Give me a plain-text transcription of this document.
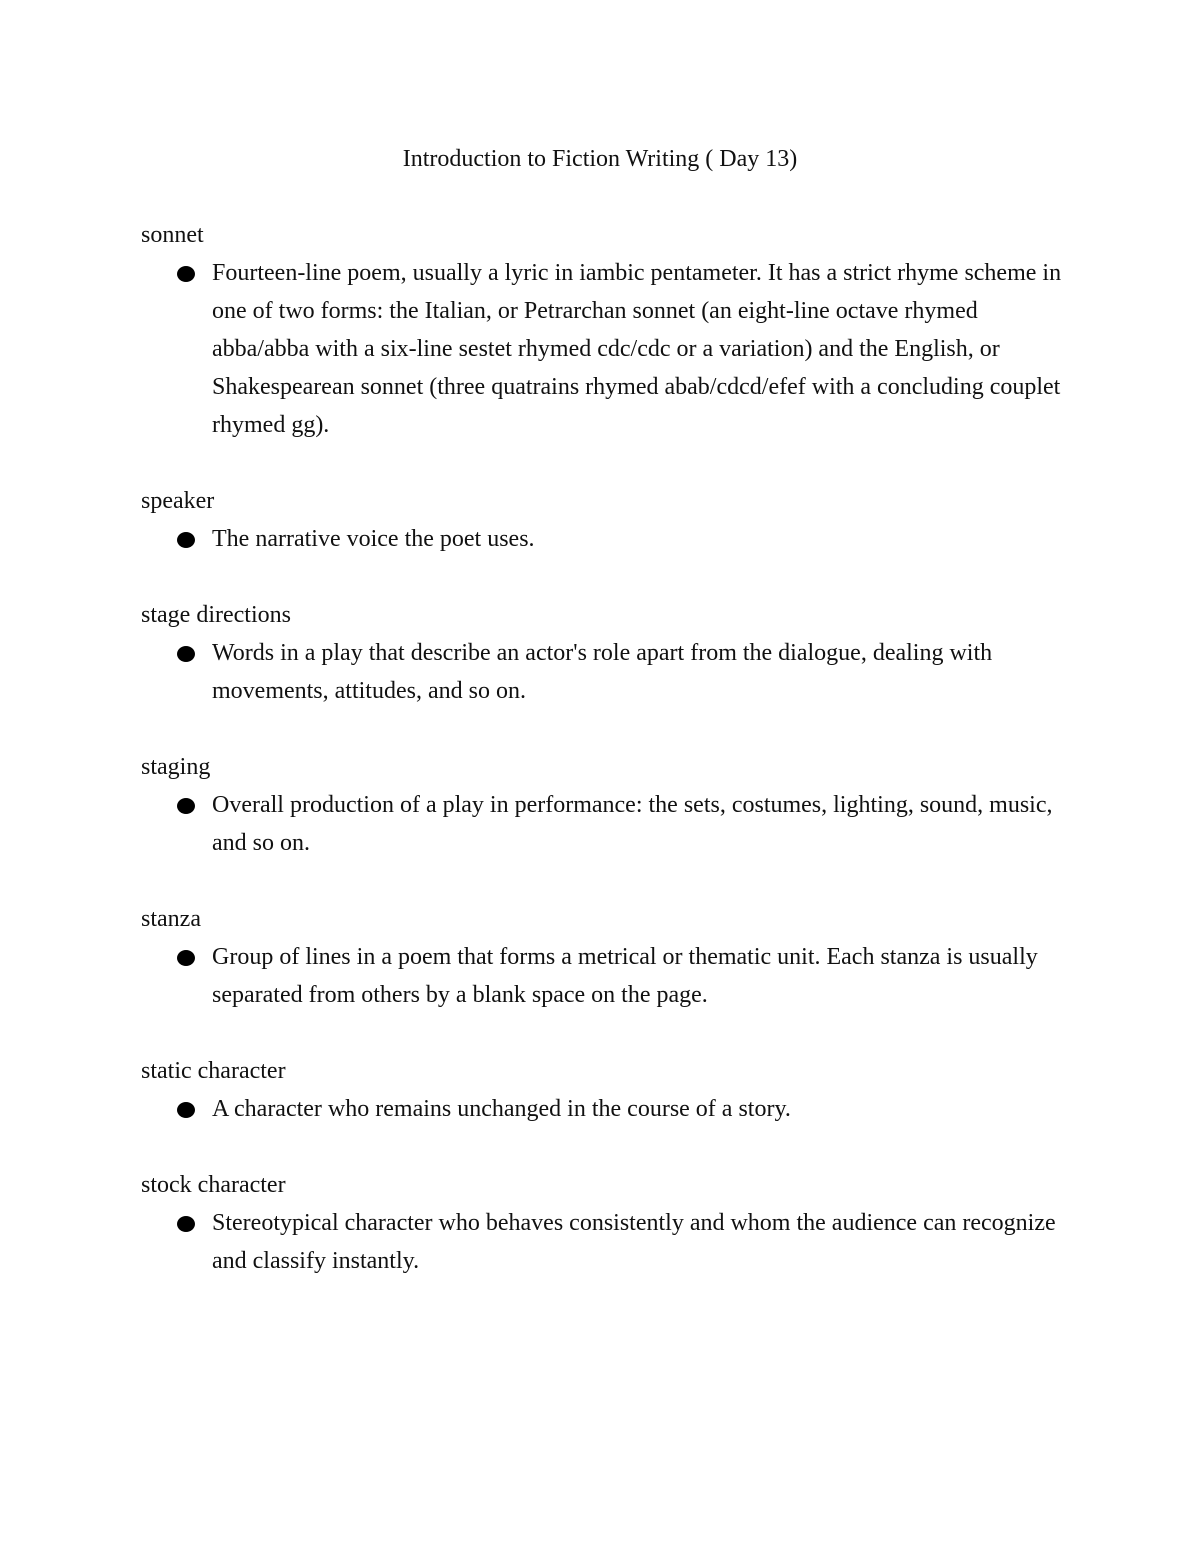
Introduction to Fiction Writing ( Day 13)

sonnet

Fourteen-line poem, usually a lyric in iambic pentameter. It has a strict rhyme scheme in one of two forms: the Italian, or Petrarchan sonnet (an eight-line octave rhymed abba/abba with a six-line sestet rhymed cdc/cdc or a variation) and the English, or Shakespearean sonnet (three quatrains rhymed abab/cdcd/efef with a concluding couplet rhymed gg).

speaker

The narrative voice the poet uses.

stage directions

Words in a play that describe an actor's role apart from the dialogue, dealing with movements, attitudes, and so on.

staging

Overall production of a play in performance: the sets, costumes, lighting, sound, music, and so on.

stanza

Group of lines in a poem that forms a metrical or thematic unit. Each stanza is usually separated from others by a blank space on the page.

static character

A character who remains unchanged in the course of a story.

stock character

Stereotypical character who behaves consistently and whom the audience can recognize and classify instantly.
